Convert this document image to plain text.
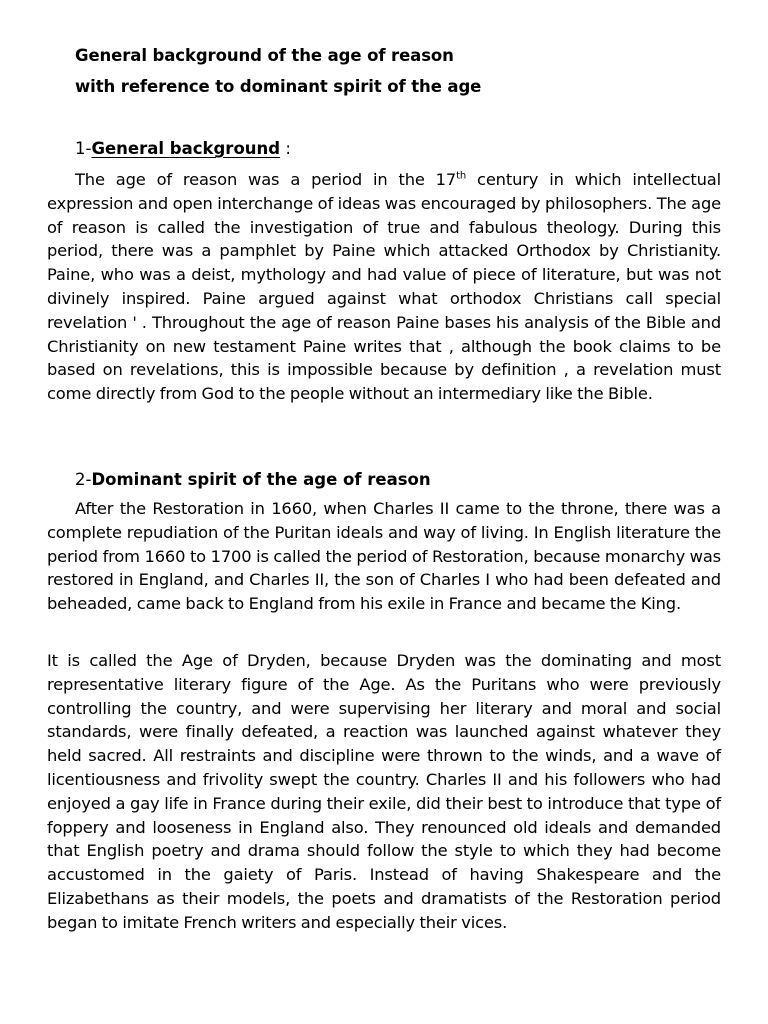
General background of the age of reason
with reference to dominant spirit of the age
1-General background :
The age of reason was a period in the 17th century in which intellectual expression and open interchange of ideas was encouraged by philosophers. The age of reason is called the investigation of true and fabulous theology. During this period, there was a pamphlet by Paine which attacked Orthodox by Christianity. Paine, who was a deist, mythology and had value of piece of literature, but was not divinely inspired. Paine argued against what orthodox Christians call special revelation ' . Throughout the age of reason Paine bases his analysis of the Bible and Christianity on new testament Paine writes that , although the book claims to be based on revelations, this is impossible because by definition , a revelation must come directly from God to the people without an intermediary like the Bible.
2-Dominant spirit of the age of reason
After the Restoration in 1660, when Charles II came to the throne, there was a complete repudiation of the Puritan ideals and way of living. In English literature the period from 1660 to 1700 is called the period of Restoration, because monarchy was restored in England, and Charles II, the son of Charles I who had been defeated and beheaded, came back to England from his exile in France and became the King.
It is called the Age of Dryden, because Dryden was the dominating and most representative literary figure of the Age. As the Puritans who were previously controlling the country, and were supervising her literary and moral and social standards, were finally defeated, a reaction was launched against whatever they held sacred. All restraints and discipline were thrown to the winds, and a wave of licentiousness and frivolity swept the country. Charles II and his followers who had enjoyed a gay life in France during their exile, did their best to introduce that type of foppery and looseness in England also. They renounced old ideals and demanded that English poetry and drama should follow the style to which they had become accustomed in the gaiety of Paris. Instead of having Shakespeare and the Elizabethans as their models, the poets and dramatists of the Restoration period began to imitate French writers and especially their vices.
